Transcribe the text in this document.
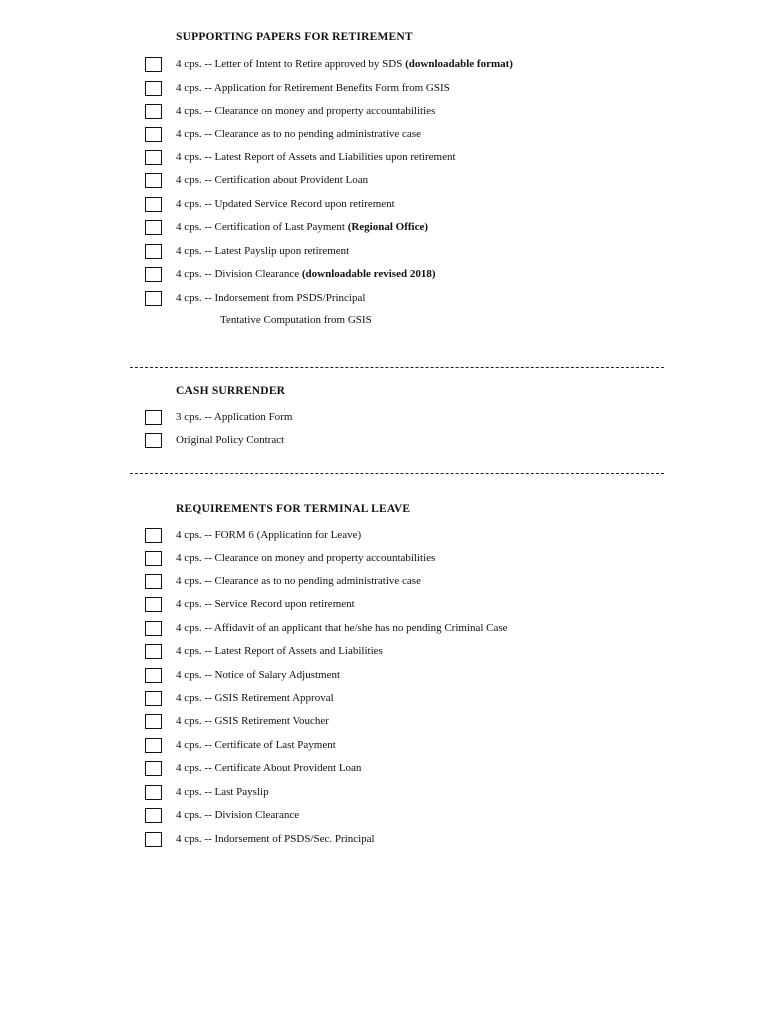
SUPPORTING PAPERS FOR RETIREMENT
4 cps. -- Letter of Intent to Retire approved by SDS (downloadable format)
4 cps. -- Application for Retirement Benefits Form from GSIS
4 cps. -- Clearance on money and property accountabilities
4 cps. -- Clearance as to no pending administrative case
4 cps. -- Latest Report of Assets and Liabilities upon retirement
4 cps. -- Certification about Provident Loan
4 cps. -- Updated Service Record upon retirement
4 cps. -- Certification of Last Payment (Regional Office)
4 cps. -- Latest Payslip upon retirement
4 cps. -- Division Clearance (downloadable revised 2018)
4 cps. -- Indorsement from PSDS/Principal
Tentative Computation from GSIS
CASH SURRENDER
3 cps. -- Application Form
Original Policy Contract
REQUIREMENTS FOR TERMINAL LEAVE
4 cps. -- FORM 6 (Application for Leave)
4 cps. -- Clearance on money and property accountabilities
4 cps. -- Clearance as to no pending administrative case
4 cps. -- Service Record upon retirement
4 cps. -- Affidavit of an applicant that he/she has no pending Criminal Case
4 cps. -- Latest Report of Assets and Liabilities
4 cps. -- Notice of Salary Adjustment
4 cps. -- GSIS Retirement Approval
4 cps. -- GSIS Retirement Voucher
4 cps. -- Certificate of Last Payment
4 cps. -- Certificate About Provident Loan
4 cps. -- Last Payslip
4 cps. -- Division Clearance
4 cps. -- Indorsement of PSDS/Sec. Principal
